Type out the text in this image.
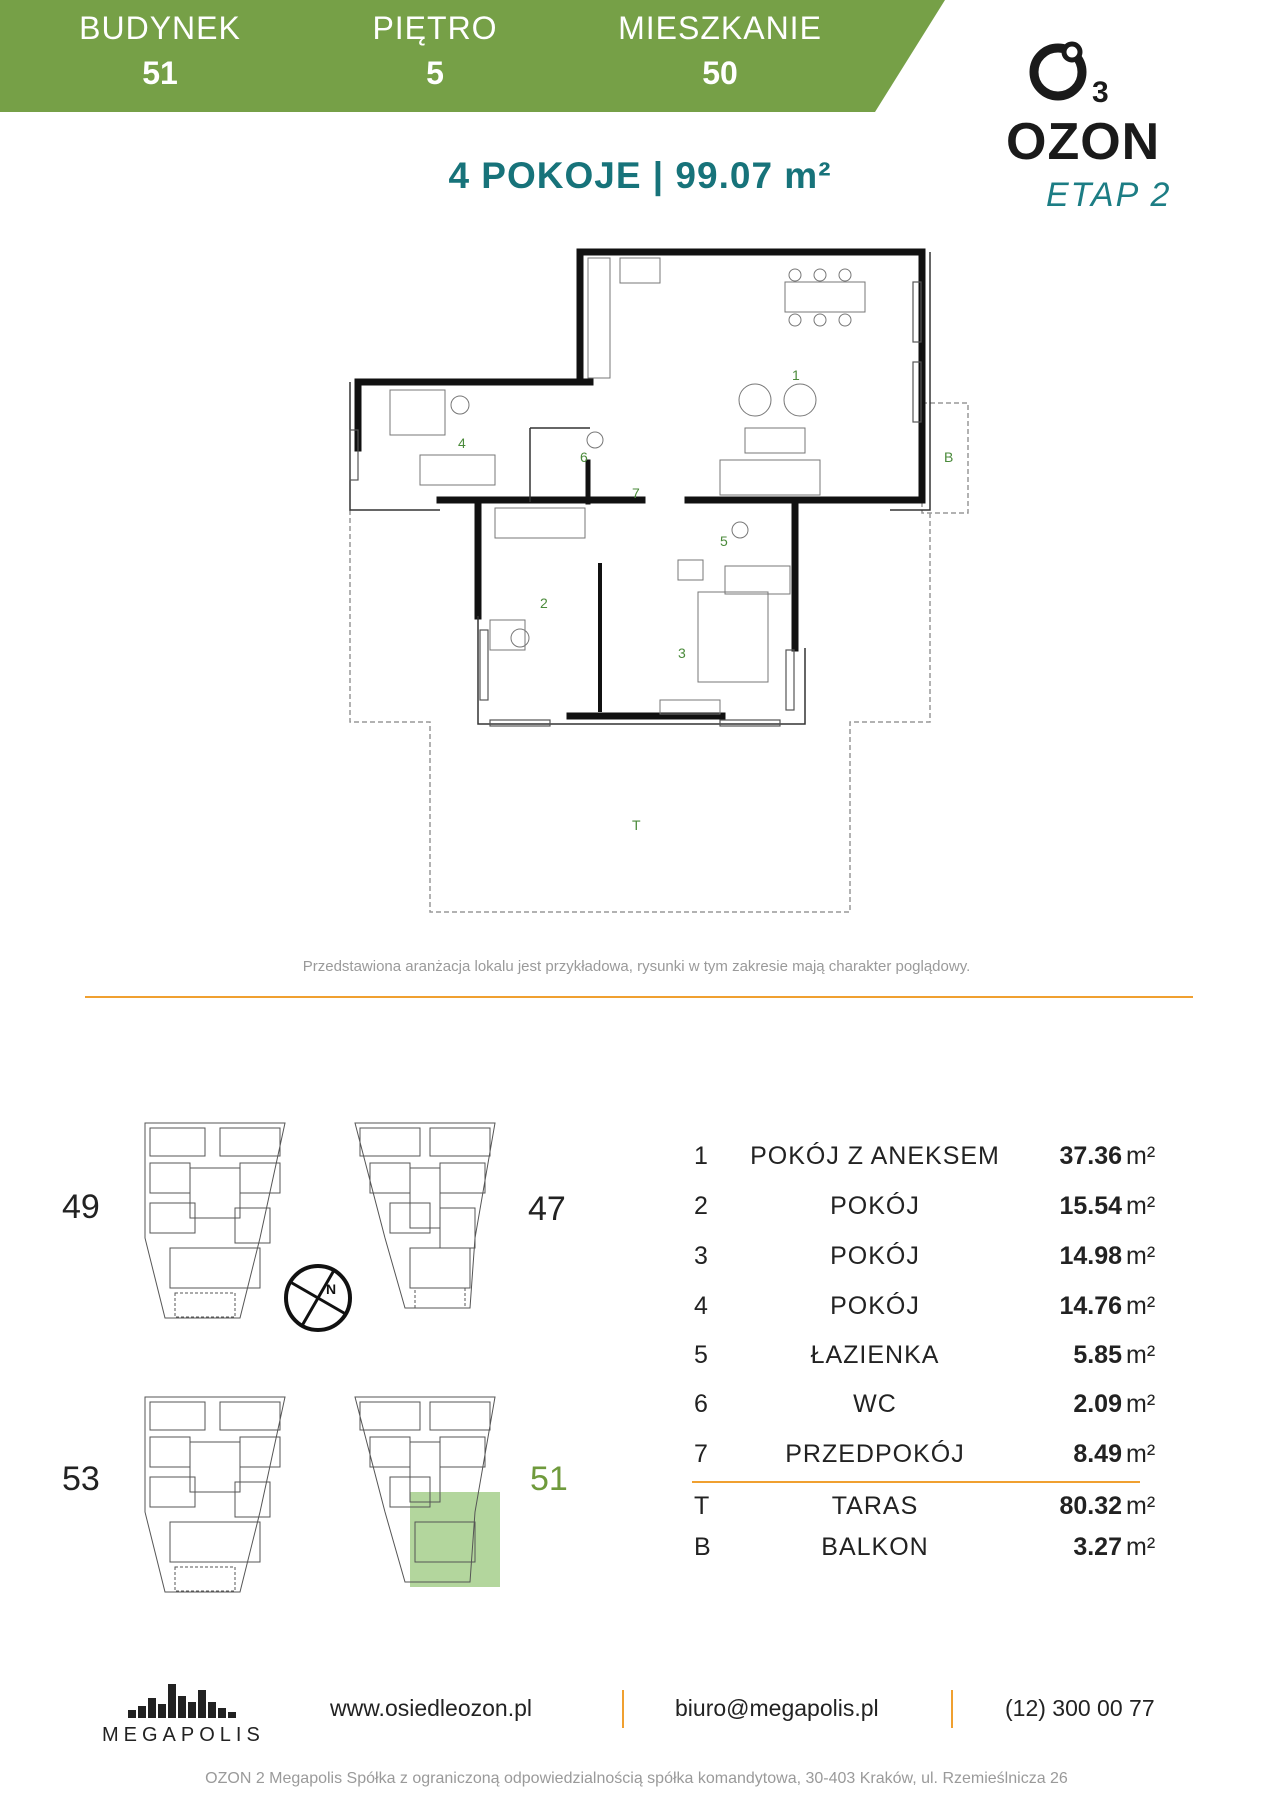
BUDYNEK
51
PIĘTRO
5
MIESZKANIE
50
3
OZON
ETAP 2
4 POKOJE | 99.07 m²
1
2
3
4
5
6
7
B
T
Przedstawiona aranżacja lokalu jest przykładowa, rysunki w tym zakresie mają charakter poglądowy.
49	47
N
53	51
1	POKÓJ Z ANEKSEM	37.36 m²
2	POKÓJ	15.54 m²
3	POKÓJ	14.98 m²
4	POKÓJ	14.76 m²
5	ŁAZIENKA	5.85 m²
6	WC	2.09 m²
7	PRZEDPOKÓJ	8.49 m²
T	TARAS	80.32 m²
B	BALKON	3.27 m²
MEGAPOLIS
www.osiedleozon.pl	biuro@megapolis.pl	(12) 300 00 77
OZON 2 Megapolis Spółka z ograniczoną odpowiedzialnością spółka komandytowa, 30-403 Kraków, ul. Rzemieślnicza 26
